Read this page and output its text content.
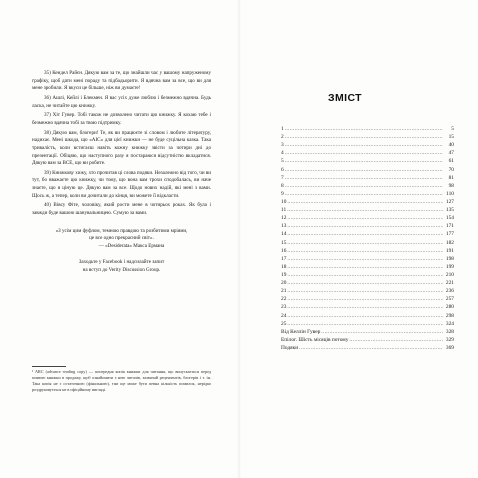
35) Кендел Райєн. Дякую вам за те, що знайшли час у вашому напруженому графіку, щоб дати мені пораду та підбадьорити. Я вдячна вам за все, що ви для мене зробили. Я вкуси це більше, ніж ви думаєте!

36) Ашлі, Кейлі і Блекмен. Я вас усіх дуже люблю і безмежно вдячна. Будь ласка, не читайте цю книжку.

37) Хіт Гувер. Тобі також не дозволено читати цю книжку. Я кохаю тебе і безмежно вдячна тобі за твою підтримку.

38) Дякую вам, блогери! Те, як ви працюєте зі словом і любите літературу, надихає. Мені шкода, що «AIC» для цієї книжки — не буде суцільна казка. Така тривалість, коли встигаєш навіть кожну книжку звісти за чотири дні до презентації. Обіцяю, що наступного разу я постараюся відсутністю вкладатися. Дякую вам за ВСЕ, що ви робите.

39) Книжкову хижу, хто прочитав ці слова подяки. Незалежно від того, чи ви тут, бо вважаєте цю книжку, чи тому, що вона вам трохи сподобалась, ви наче знаєте, що я ціную це. Дякую вам за все. Щодо нових надій, які мені з вами. Щось ж, а тепер, коли ви дочитали до кінця, ви можете її відкласти.

40) Вівсу Фіте, чоловіку, який рости мене в чотирьох роках. Як була і завжди буде вашою шанувальницею. Сумую за вами.

«З усім цим фуфлом, темною правдою та розбитими мріями,
це все одно прекрасний світ».
— «Desiderata» Макса Ермана
Заходьте у Facebook і надсилайте запит
на вступ до Verity Discussion Group.
¹ ARC (advance reading copy) — попередня копія книжки для читання, що випускається перед появою книжки в продажу, щоб ознайомити з нею читачів, зазвичай рецензентів, блогерів і т. ін. Така копія не є остаточною (фінальною), там ще може бути певна кількість помилок, нерідко роздруковується не в офіційному вигляді.
ЗМІСТ
1 .....	5
2 .....	15
3 .....	40
4 .....	47
5 .....	61
6 .....	70
7 .....	81
8 .....	98
9 .....	110
10 .....	127
11 .....	135
12 .....	154
13 .....	171
14 .....	177
15 .....	182
16 .....	191
17 .....	198
18 .....	199
19 .....	210
20 .....	221
21 .....	236
22 .....	257
23 .....	280
24 .....	298
25 .....	324
Від Келлін Гувер .....	328
Епілог. Шість місяців потому .....	329
Подяки .....	369
